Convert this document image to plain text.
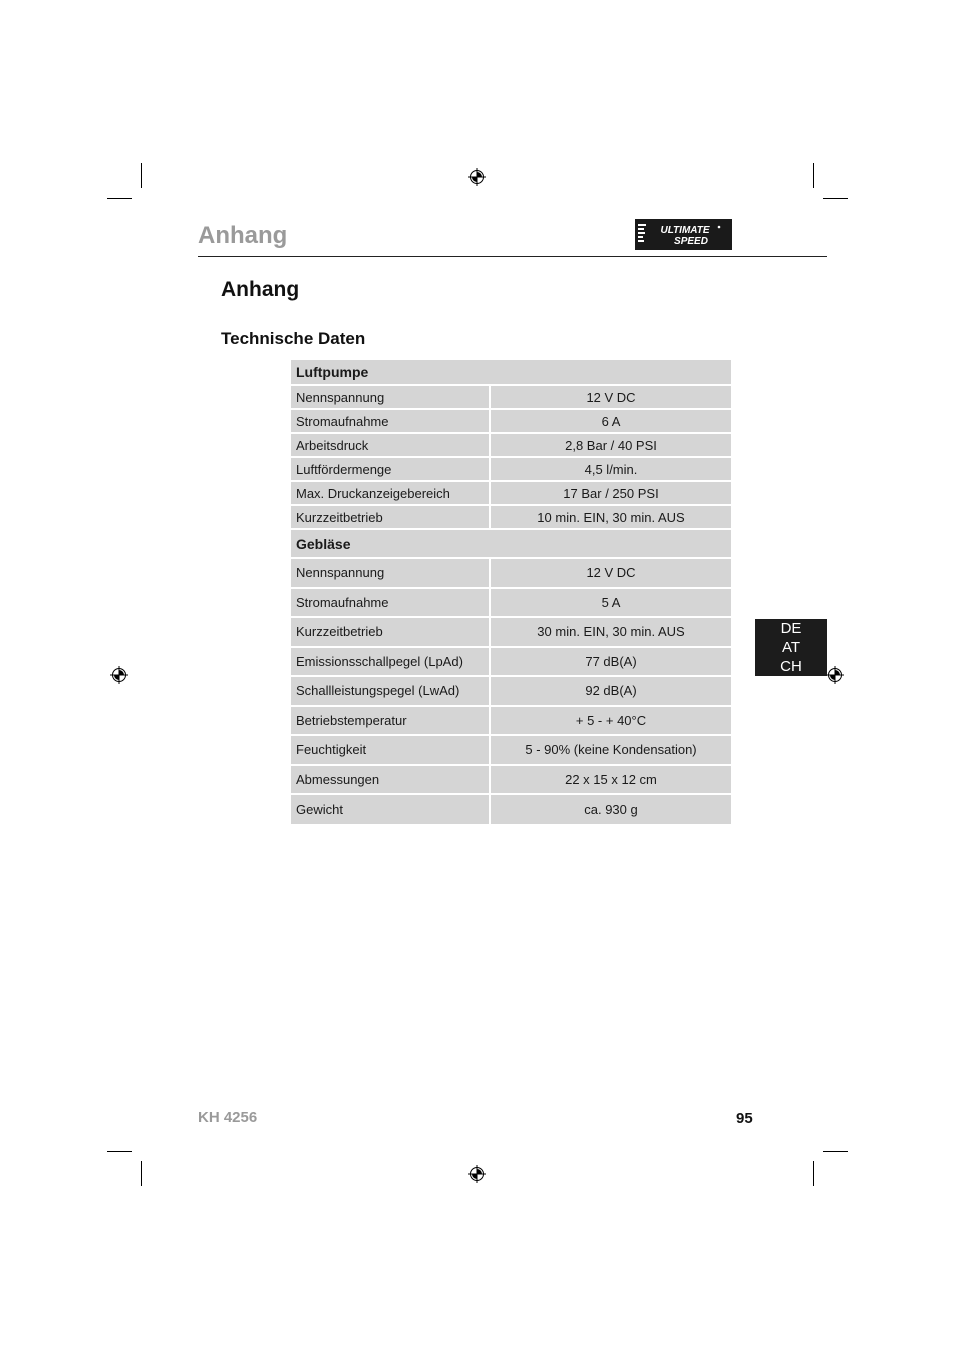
Anhang	ULTIMATE
SPEED
Anhang
Technische Daten
Luftpumpe	
Nennspannung	12 V DC
Stromaufnahme	6 A
Arbeitsdruck	2,8 Bar / 40 PSI
Luftfördermenge	4,5 l/min.
Max. Druckanzeigebereich	17 Bar / 250 PSI
Kurzzeitbetrieb	10 min. EIN, 30 min. AUS
Gebläse	
Nennspannung	12 V DC
Stromaufnahme	5 A
Kurzzeitbetrieb	30 min. EIN, 30 min. AUS
Emissionsschallpegel (LpAd)	77 dB(A)
Schallleistungspegel (LwAd)	92 dB(A)
Betriebstemperatur	+ 5 - + 40°C
Feuchtigkeit	5 - 90% (keine Kondensation)
Abmessungen	22 x 15 x 12 cm
Gewicht	ca. 930 g
DE
AT
CH

KH 4256	95
